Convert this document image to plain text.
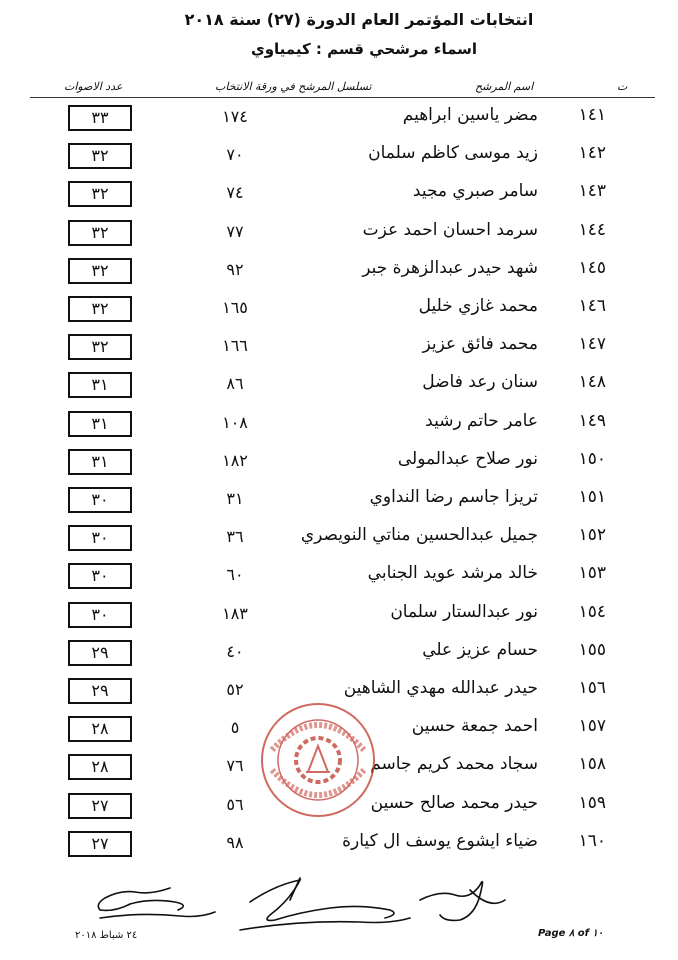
انتخابات المؤتمر العام الدورة (٢٧) سنة ٢٠١٨
اسماء مرشحي قسم : كيمياوي
عدد الاصوات	تسلسل المرشح في ورقة الانتخاب	اسم المرشح	ت
٣٣	١٧٤	مضر ياسين ابراهيم ١٤١
٣٢	٧٠	زيد موسى كاظم سلمان ١٤٢
٣٢	٧٤	سامر صبري مجيد ١٤٣
٣٢	٧٧	سرمد احسان احمد عزت ١٤٤
٣٢	٩٢	شهد حيدر عبدالزهرة جبر ١٤٥
٣٢	١٦٥	محمد غازي خليل ١٤٦
٣٢	١٦٦	محمد فائق عزيز ١٤٧
٣١	٨٦	سنان رعد فاضل ١٤٨
٣١	١٠٨	عامر حاتم رشيد ١٤٩
٣١	١٨٢	نور صلاح عبدالمولى ١٥٠
٣٠	٣١	تريزا جاسم رضا النداوي ١٥١
٣٠	٣٦	جميل عبدالحسين مناتي النويصري ١٥٢
٣٠	٦٠	خالد مرشد عويد الجنابي ١٥٣
٣٠	١٨٣	نور عبدالستار سلمان ١٥٤
٢٩	٤٠	حسام عزيز علي ١٥٥
٢٩	٥٢	حيدر عبدالله مهدي الشاهين ١٥٦
٢٨	٥	احمد جمعة حسين ١٥٧
٢٨	٧٦	سجاد محمد كريم جاسم ١٥٨
٢٧	٥٦	حيدر محمد صالح حسين ١٥٩
٢٧	٩٨	ضياء ايشوع يوسف ال كيارة ١٦٠
٢٤ شباط ٢٠١٨	Page ٨ of ١٠
